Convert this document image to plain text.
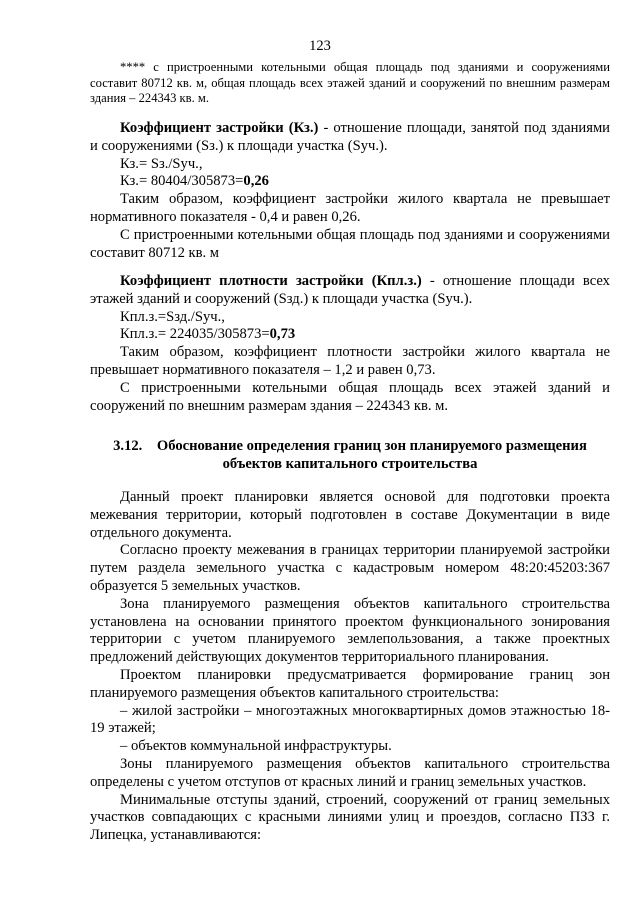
123

**** с пристроенными котельными общая площадь под зданиями и сооружениями составит 80712 кв. м, общая площадь всех этажей зданий и сооружений по внешним размерам здания – 224343 кв. м.

Коэффициент застройки (Кз.) - отношение площади, занятой под зданиями и сооружениями (Sз.) к площади участка (Sуч.).

Кз.= Sз./Sуч.,

Кз.= 80404/305873=0,26

Таким образом, коэффициент застройки жилого квартала не превышает нормативного показателя - 0,4 и равен 0,26.

С пристроенными котельными общая площадь под зданиями и сооружениями составит 80712 кв. м

Коэффициент плотности застройки (Кпл.з.) - отношение площади всех этажей зданий и сооружений (Sзд.) к площади участка (Sуч.).

Кпл.з.=Sзд./Sуч.,

Кпл.з.= 224035/305873=0,73

Таким образом, коэффициент плотности застройки жилого квартала не превышает нормативного показателя – 1,2 и равен 0,73.

С пристроенными котельными общая площадь всех этажей зданий и сооружений по внешним размерам здания – 224343 кв. м.

3.12.    Обоснование определения границ зон планируемого размещения
объектов капитального строительства

Данный проект планировки является основой для подготовки проекта межевания территории, который подготовлен в составе Документации в виде отдельного документа.

Согласно проекту межевания в границах территории планируемой застройки путем раздела земельного участка с кадастровым номером 48:20:45203:367 образуется 5 земельных участков.

Зона планируемого размещения объектов капитального строительства установлена на основании принятого проектом функционального зонирования территории с учетом планируемого землепользования, а также проектных предложений действующих документов территориального планирования.

Проектом планировки предусматривается формирование границ зон планируемого размещения объектов капитального строительства:

– жилой застройки – многоэтажных многоквартирных домов этажностью 18-19 этажей;

– объектов коммунальной инфраструктуры.

Зоны планируемого размещения объектов капитального строительства определены с учетом отступов от красных линий и границ земельных участков.

Минимальные отступы зданий, строений, сооружений от границ земельных участков совпадающих с красными линиями улиц и проездов, согласно ПЗЗ г. Липецка, устанавливаются:
